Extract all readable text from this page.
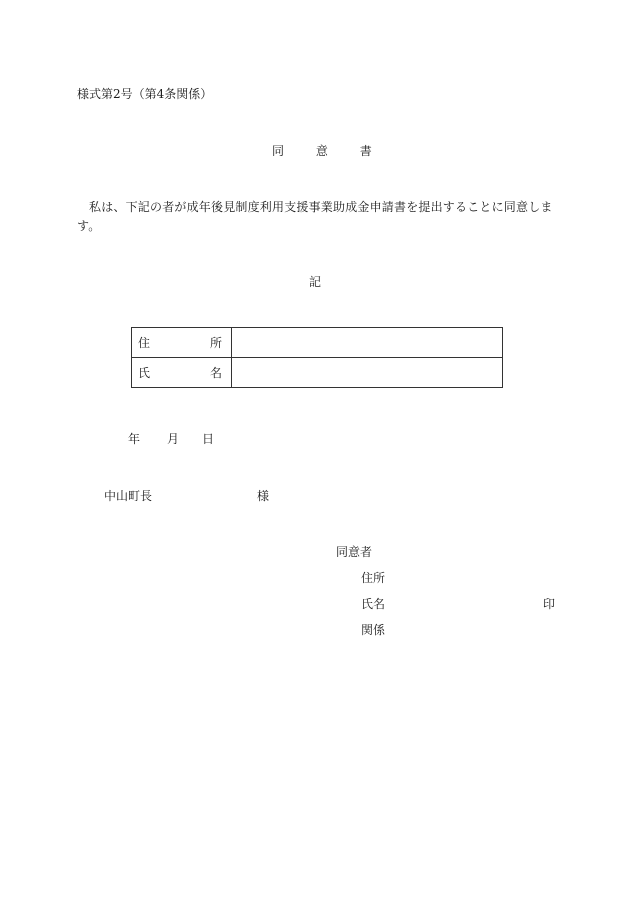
様式第2号（第4条関係）
同	意	書
私は、下記の者が成年後見制度利用支援事業助成金申請書を提出することに同意します。
記
住 所	

氏 名	

年 月 日
中山町長	様
同意者
住所
氏名	印
関係
